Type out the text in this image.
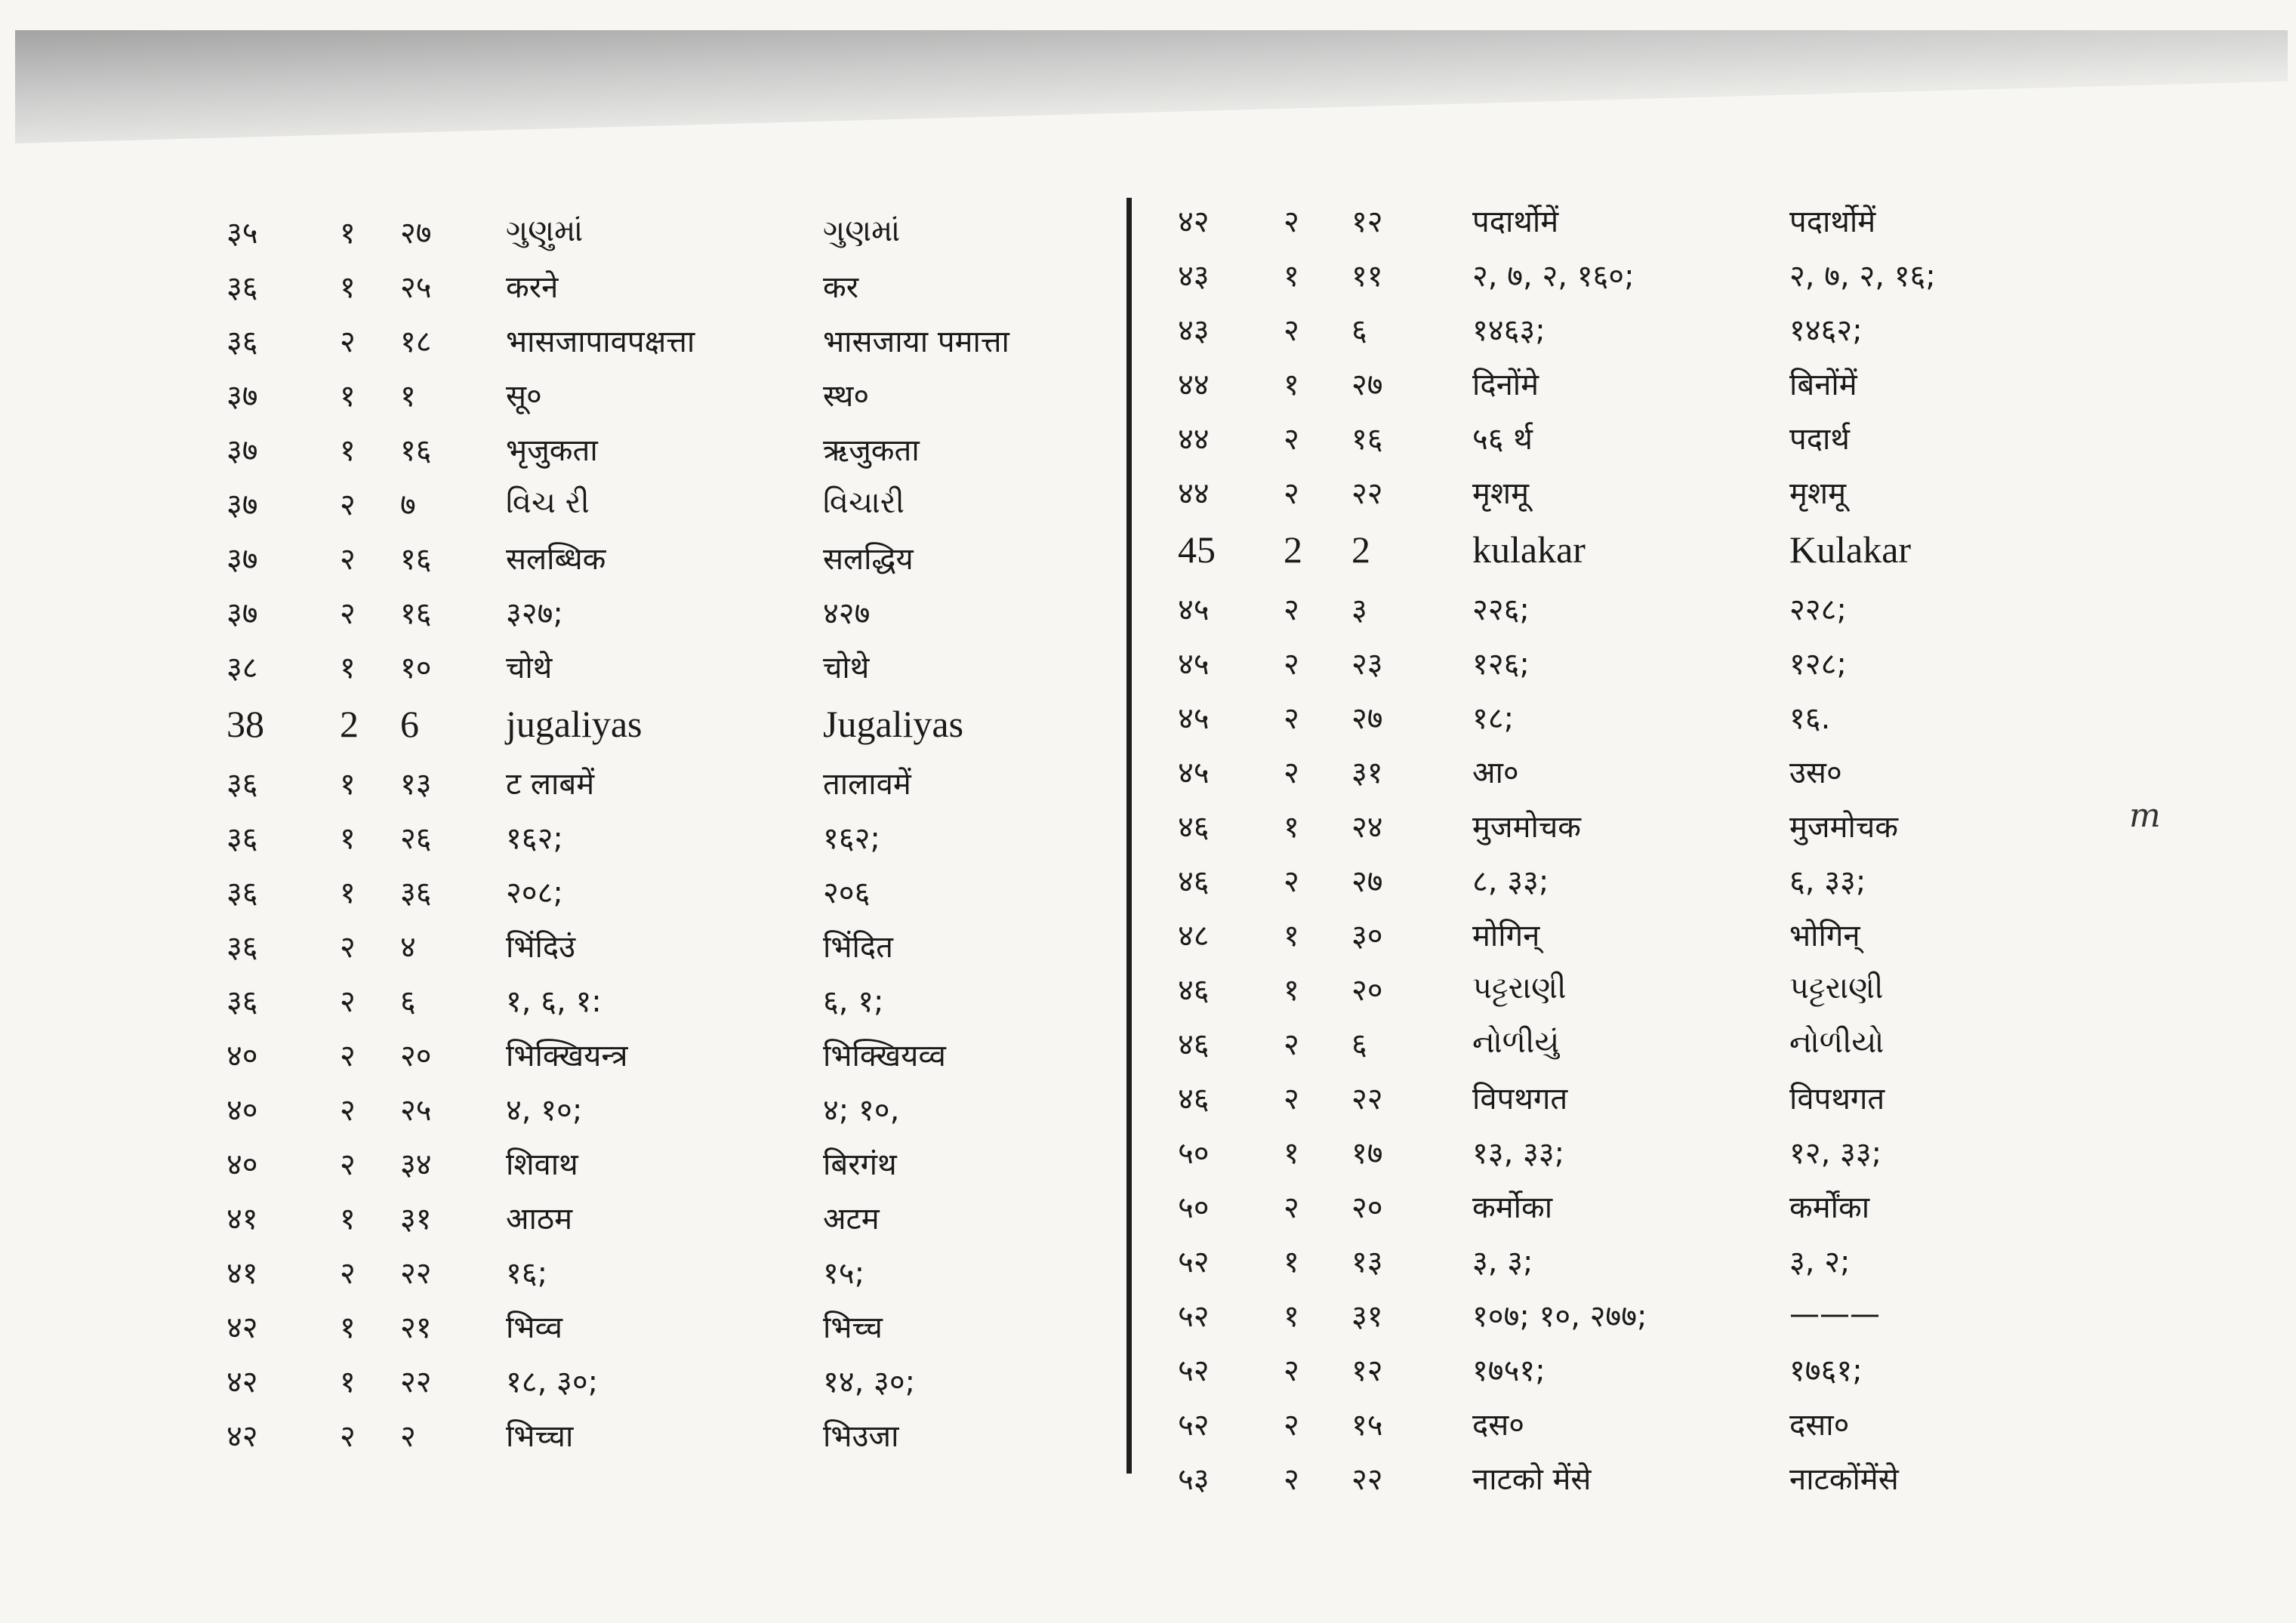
३५	१	२७	ગુણુમાં	ગુણમાં
३६	१	२५	करने	कर
३६	२	१८	भासजापावपक्षत्ता	भासजाया पमात्ता
३७	१	१	सू०	स्थ०
३७	१	१६	भृजुकता	ऋजुकता
३७	२	७	વિચ રી	વિચારી
३७	२	१६	सलब्धिक	सलद्धिय
३७	२	१६	३२७;	४२७
३८	१	१०	चोथे	चोथे
38	2	6	jugaliyas	Jugaliyas
३६	१	१३	ट लाबमें	तालावमें
३६	१	२६	१६२;	१६२;
३६	१	३६	२०८;	२०६
३६	२	४	भिंदिउं	भिंदित
३६	२	६	१, ६, १:	६, १;
४०	२	२०	भिक्खियन्त्र	भिक्खियव्व
४०	२	२५	४, १०;	४; १०,
४०	२	३४	शिवाथ	बिरगंथ
४१	१	३१	आठम	अटम
४१	२	२२	१६;	१५;
४२	१	२१	भिव्व	भिच्च
४२	१	२२	१८, ३०;	१४, ३०;
४२	२	२	भिच्चा	भिउजा
४२	२	१२	पदार्थोमें	पदार्थोमें
४३	१	११	२, ७, २, १६०;	२, ७, २, १६;
४३	२	६	१४६३;	१४६२;
४४	१	२७	दिनोंमे	बिनोंमें
४४	२	१६	५६ र्थ	पदार्थ
४४	२	२२	मृशमू	मृशमू
45	2	2	kulakar	Kulakar
४५	२	३	२२६;	२२८;
४५	२	२३	१२६;	१२८;
४५	२	२७	१८;	१६.
४५	२	३१	आ०	उस०
४६	१	२४	मुजमोचक	मुजमोचक
४६	२	२७	८, ३३;	६, ३३;
४८	१	३०	मोगिन्	भोगिन्
४६	१	२०	પટ્ટરાણી	પટ્ટરાણી
४६	२	६	નોળીયું	નોળીયો
४६	२	२२	विपथगत	विपथगत
५०	१	१७	१३, ३३;	१२, ३३;
५०	२	२०	कर्मोका	कर्मोंका
५२	१	१३	३, ३;	३, २;
५२	१	३१	१०७; १०, २७७;	———
५२	२	१२	१७५१;	१७६१;
५२	२	१५	दस०	दसा०
५३	२	२२	नाटको मेंसे	नाटकोंमेंसे
m
